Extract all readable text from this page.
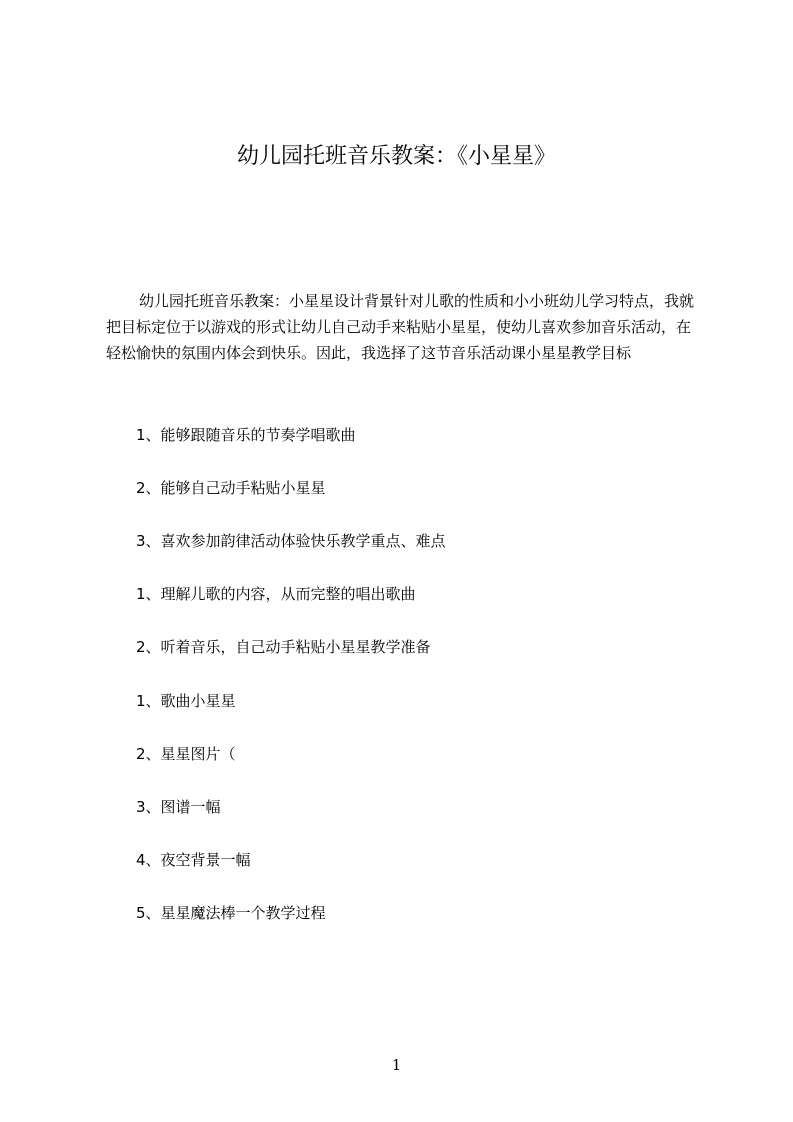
幼儿园托班音乐教案：《小星星》

幼儿园托班音乐教案：小星星设计背景针对儿歌的性质和小小班幼儿学习特点，我就把目标定位于以游戏的形式让幼儿自己动手来粘贴小星星，使幼儿喜欢参加音乐活动，在轻松愉快的氛围内体会到快乐。因此，我选择了这节音乐活动课小星星教学目标

1、能够跟随音乐的节奏学唱歌曲

2、能够自己动手粘贴小星星

3、喜欢参加韵律活动体验快乐教学重点、难点

1、理解儿歌的内容，从而完整的唱出歌曲

2、听着音乐，自己动手粘贴小星星教学准备

1、歌曲小星星

2、星星图片（

3、图谱一幅

4、夜空背景一幅

5、星星魔法棒一个教学过程

1
